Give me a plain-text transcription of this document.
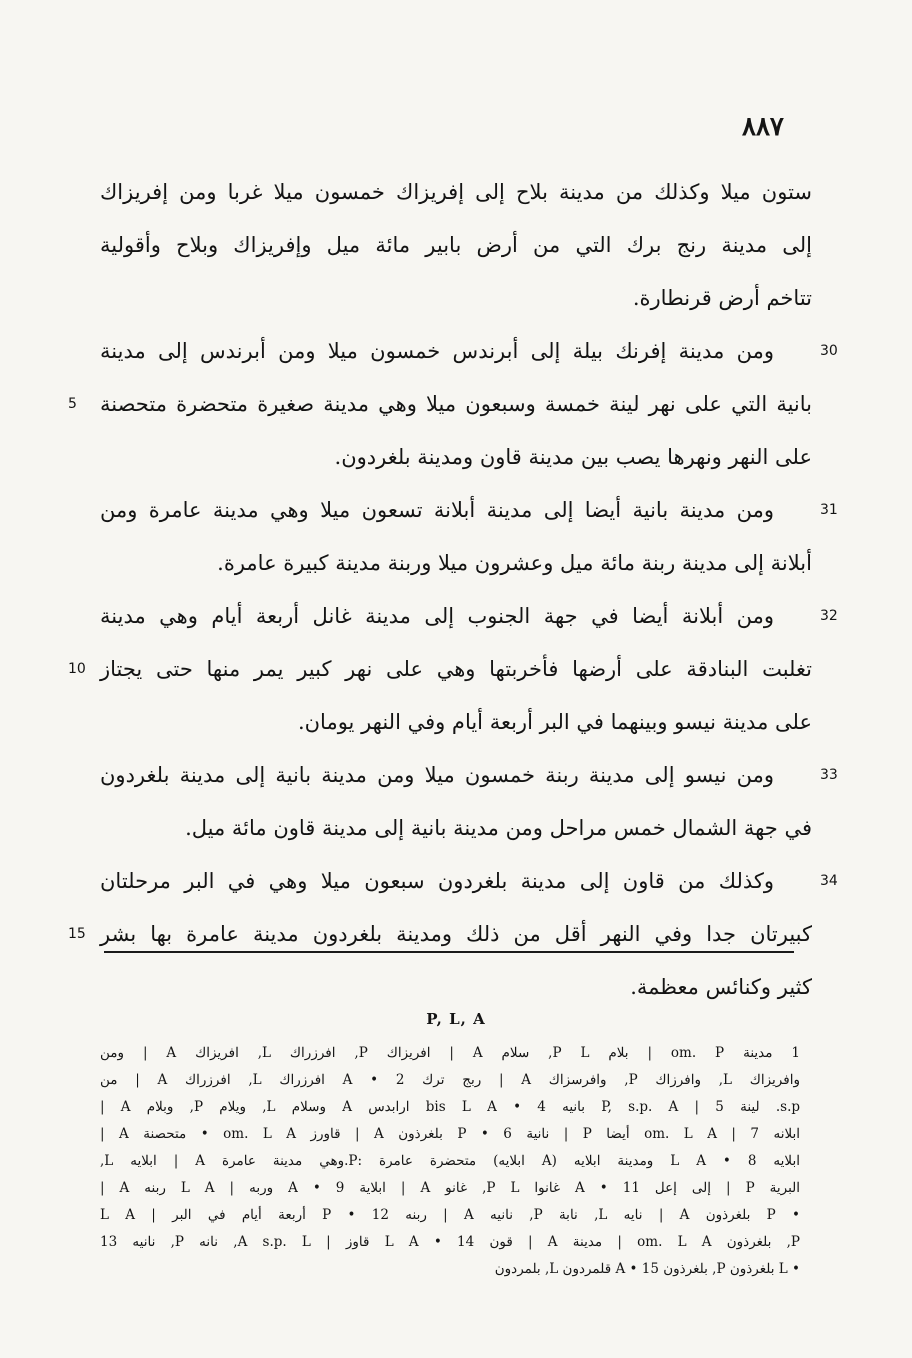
٨٨٧
ستون ميلا وكذلك من مدينة بلاح إلى إفريزاك خمسون ميلا غربا ومن إفريزاك
إلى مدينة رنج برك التي من أرض بابير مائة ميل وإفريزاك وبلاح وأقولية
تتاخم أرض قرنطارة.
ومن مدينة إفرنك بيلة إلى أبرندس خمسون ميلا ومن أبرندس إلى مدينة	30
بانية التي على نهر لينة خمسة وسبعون ميلا وهي مدينة صغيرة متحضرة متحصنة
5
على النهر ونهرها يصب بين مدينة قاون ومدينة بلغردون.
ومن مدينة بانية أيضا إلى مدينة أبلانة تسعون ميلا وهي مدينة عامرة ومن	31
أبلانة إلى مدينة ربنة مائة ميل وعشرون ميلا وربنة مدينة كبيرة عامرة.
ومن أبلانة أيضا في جهة الجنوب إلى مدينة غانل أربعة أيام وهي مدينة	32
تغلبت البنادقة على أرضها فأخربتها وهي على نهر كبير يمر منها حتى يجتاز
10
على مدينة نيسو وبينهما في البر أربعة أيام وفي النهر يومان.
ومن نيسو إلى مدينة ربنة خمسون ميلا ومن مدينة بانية إلى مدينة بلغردون	33
في جهة الشمال خمس مراحل ومن مدينة بانية إلى مدينة قاون مائة ميل.
وكذلك من قاون إلى مدينة بلغردون سبعون ميلا وهي في البر مرحلتان	34
كبيرتان جدا وفي النهر أقل من ذلك ومدينة بلغردون مدينة عامرة بها بشر
15
كثير وكنائس معظمة.
P, L, A
1 مدينة om. P | بلام P L, سلام A | افريزاك P, افرزراك L, افريزاك A | ومن
وافريزاك L, وافرزاك P, وافرسزاك A | ربج ترك 2 • A افرزراك L, افرزراك A | من
s.p. لينة P, s.p. A | 5 بانيه bis L A • 4 ارابدس A وسلام L, ويلام P, وبلام A |
ابلانه om. L A | 7 أيضا P | نانية P • 6 بلغرذون A | قاورز om. L A • متحصنة A |
ابلايه 8 • L A ومدينة ابلايه (A ابلايه) متحضرة عامرة :P.وهي مدينة عامرة A | ابلايه L,
البرية P | إلى إعل 11 • A غانوا P L, غانو A | ابلاية 9 • A وربه | L A ربنه A |
• P بلغرذون A | نايه L, نابة P, نانيه A | ربنه 12 • P أربعة أيام في البر | L A
P, بلغرذون om. L A | مدينة A | قون 14 • L A قاوز | A s.p. L, نانه P, نانيه 13
• L بلغرذون P, بلغرذون 15 • A قلمردون L, بلمردون
